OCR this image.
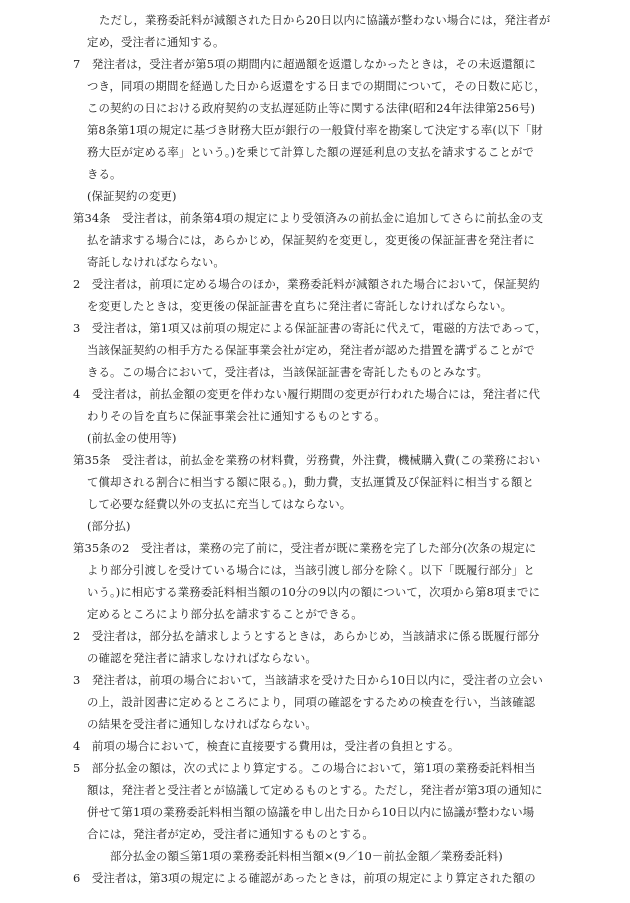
ただし，業務委託料が減額された日から20日以内に協議が整わない場合には，発注者が
定め，受注者に通知する。
7　発注者は，受注者が第5項の期間内に超過額を返還しなかったときは，その未返還額に
つき，同項の期間を経過した日から返還をする日までの期間について，その日数に応じ，
この契約の日における政府契約の支払遅延防止等に関する法律(昭和24年法律第256号)
第8条第1項の規定に基づき財務大臣が銀行の一般貸付率を勘案して決定する率(以下「財
務大臣が定める率」という。)を乗じて計算した額の遅延利息の支払を請求することがで
きる。
(保証契約の変更)
第34条　受注者は，前条第4項の規定により受領済みの前払金に追加してさらに前払金の支
払を請求する場合には，あらかじめ，保証契約を変更し，変更後の保証証書を発注者に
寄託しなければならない。
2　受注者は，前項に定める場合のほか，業務委託料が減額された場合において，保証契約
を変更したときは，変更後の保証証書を直ちに発注者に寄託しなければならない。
3　受注者は，第1項又は前項の規定による保証証書の寄託に代えて，電磁的方法であって，
当該保証契約の相手方たる保証事業会社が定め，発注者が認めた措置を講ずることがで
きる。この場合において，受注者は，当該保証証書を寄託したものとみなす。
4　受注者は，前払金額の変更を伴わない履行期間の変更が行われた場合には，発注者に代
わりその旨を直ちに保証事業会社に通知するものとする。
(前払金の使用等)
第35条　受注者は，前払金を業務の材料費，労務費，外注費，機械購入費(この業務におい
て償却される割合に相当する額に限る。)，動力費，支払運賃及び保証料に相当する額と
して必要な経費以外の支払に充当してはならない。
(部分払)
第35条の2　受注者は，業務の完了前に，受注者が既に業務を完了した部分(次条の規定に
より部分引渡しを受けている場合には，当該引渡し部分を除く。以下「既履行部分」と
いう。)に相応する業務委託料相当額の10分の9以内の額について，次項から第8項までに
定めるところにより部分払を請求することができる。
2　受注者は，部分払を請求しようとするときは，あらかじめ，当該請求に係る既履行部分
の確認を発注者に請求しなければならない。
3　発注者は，前項の場合において，当該請求を受けた日から10日以内に，受注者の立会い
の上，設計図書に定めるところにより，同項の確認をするための検査を行い，当該確認
の結果を受注者に通知しなければならない。
4　前項の場合において，検査に直接要する費用は，受注者の負担とする。
5　部分払金の額は，次の式により算定する。この場合において，第1項の業務委託料相当
額は，発注者と受注者とが協議して定めるものとする。ただし，発注者が第3項の通知に
併せて第1項の業務委託料相当額の協議を申し出た日から10日以内に協議が整わない場
合には，発注者が定め，受注者に通知するものとする。
部分払金の額≦第1項の業務委託料相当額×(9／10－前払金額／業務委託料)
6　受注者は，第3項の規定による確認があったときは，前項の規定により算定された額の
